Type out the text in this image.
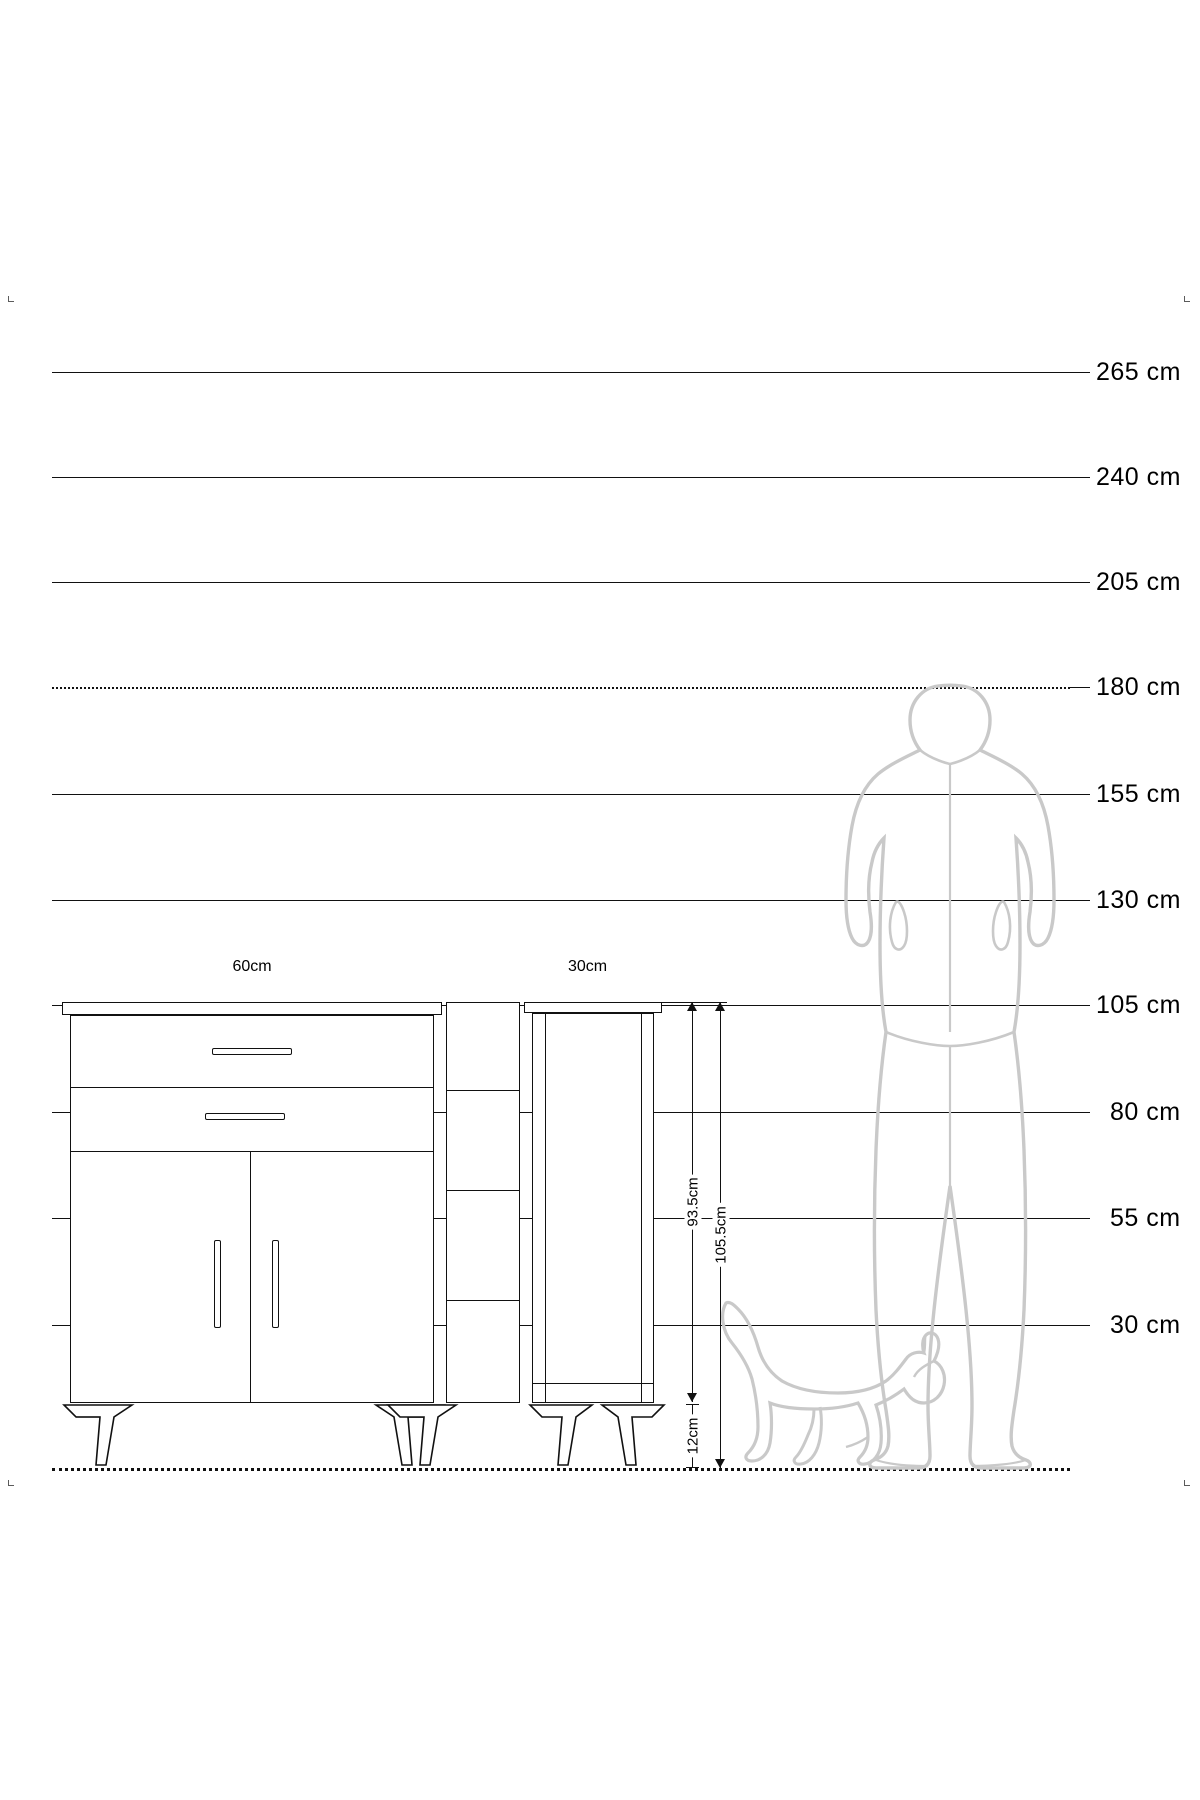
265 cm
240 cm
205 cm
180 cm
155 cm
130 cm
105 cm
80 cm
55 cm
30 cm
60cm	30cm
93.5cm
105.5cm
12cm
